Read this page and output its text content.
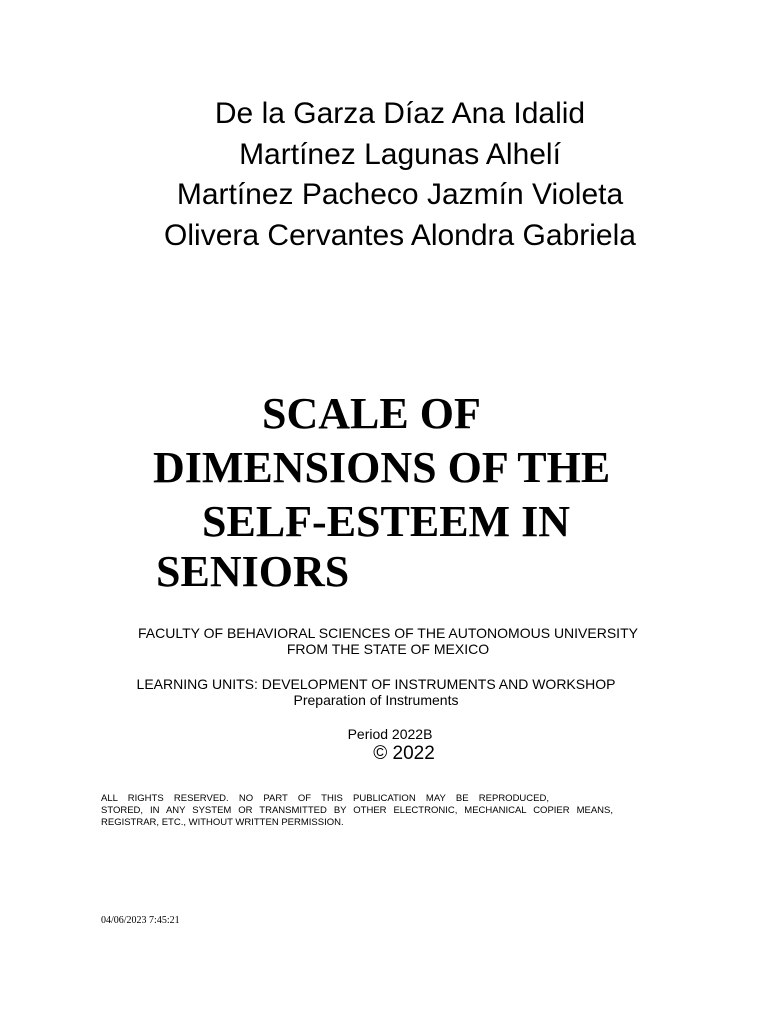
De la Garza Díaz Ana Idalid
Martínez Lagunas Alhelí
Martínez Pacheco Jazmín Violeta
Olivera Cervantes Alondra Gabriela
SCALE OF
DIMENSIONS OF THE
SELF-ESTEEM IN
SENIORS
FACULTY OF BEHAVIORAL SCIENCES OF THE AUTONOMOUS UNIVERSITY
FROM THE STATE OF MEXICO
LEARNING UNITS: DEVELOPMENT OF INSTRUMENTS AND WORKSHOP
Preparation of Instruments
Period 2022B
© 2022
ALL RIGHTS RESERVED. NO PART OF THIS PUBLICATION MAY BE REPRODUCED,
STORED, IN ANY SYSTEM OR TRANSMITTED BY OTHER ELECTRONIC, MECHANICAL COPIER MEANS,
REGISTRAR, ETC., WITHOUT WRITTEN PERMISSION.
04/06/2023 7:45:21
